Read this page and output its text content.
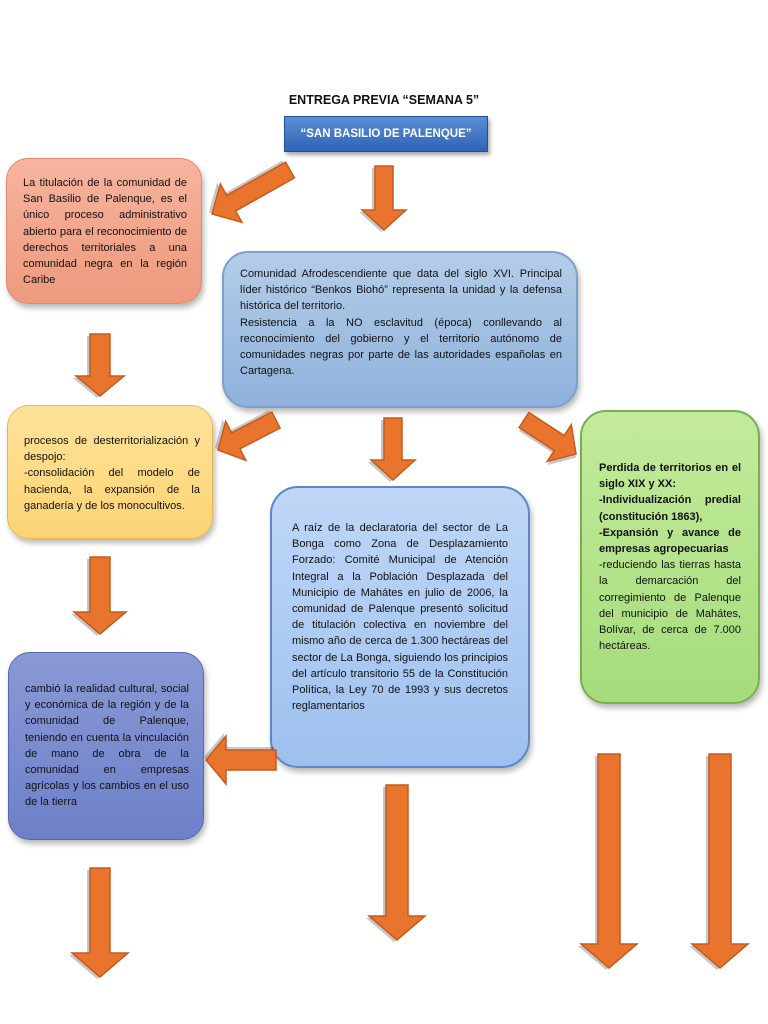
ENTREGA PREVIA “SEMANA 5”
“SAN BASILIO DE PALENQUE”

La titulación de la comunidad de San Basilio de Palenque, es el único proceso administrativo abierto para el reconocimiento de derechos territoriales a una comunidad negra en la región Caribe

Comunidad Afrodescendiente que data del siglo XVI. Principal líder histórico “Benkos Biohó” representa la unidad y la defensa histórica del territorio.

Resistencia a la NO esclavitud (época) conllevando al reconocimiento del gobierno y el territorio autónomo de comunidades negras por parte de las autoridades españolas en Cartagena.

procesos de desterritorialización y despojo:

-consolidación del modelo de hacienda, la expansión de la ganadería y de los monocultivos.

A raíz de la declaratoria del sector de La Bonga como Zona de Desplazamiento Forzado: Comité Municipal de Atención Integral a la Población Desplazada del Municipio de Mahátes en julio de 2006, la comunidad de Palenque presentó solicitud de titulación colectiva en noviembre del mismo año de cerca de 1.300 hectáreas del sector de La Bonga, siguiendo los principios del artículo transitorio 55 de la Constitución Política, la Ley 70 de 1993 y sus decretos reglamentarios

Perdida de territorios en el siglo XIX y XX:

-Individualización predial (constitución 1863),

-Expansión y avance de empresas agropecuarias

-reduciendo las tierras hasta la demarcación del corregimiento de Palenque del municipio de Mahátes, Bolívar, de cerca de 7.000 hectáreas.

cambió la realidad cultural, social y económica de la región y de la comunidad de Palenque, teniendo en cuenta la vinculación de mano de obra de la comunidad en empresas agrícolas y los cambios en el uso de la tierra
